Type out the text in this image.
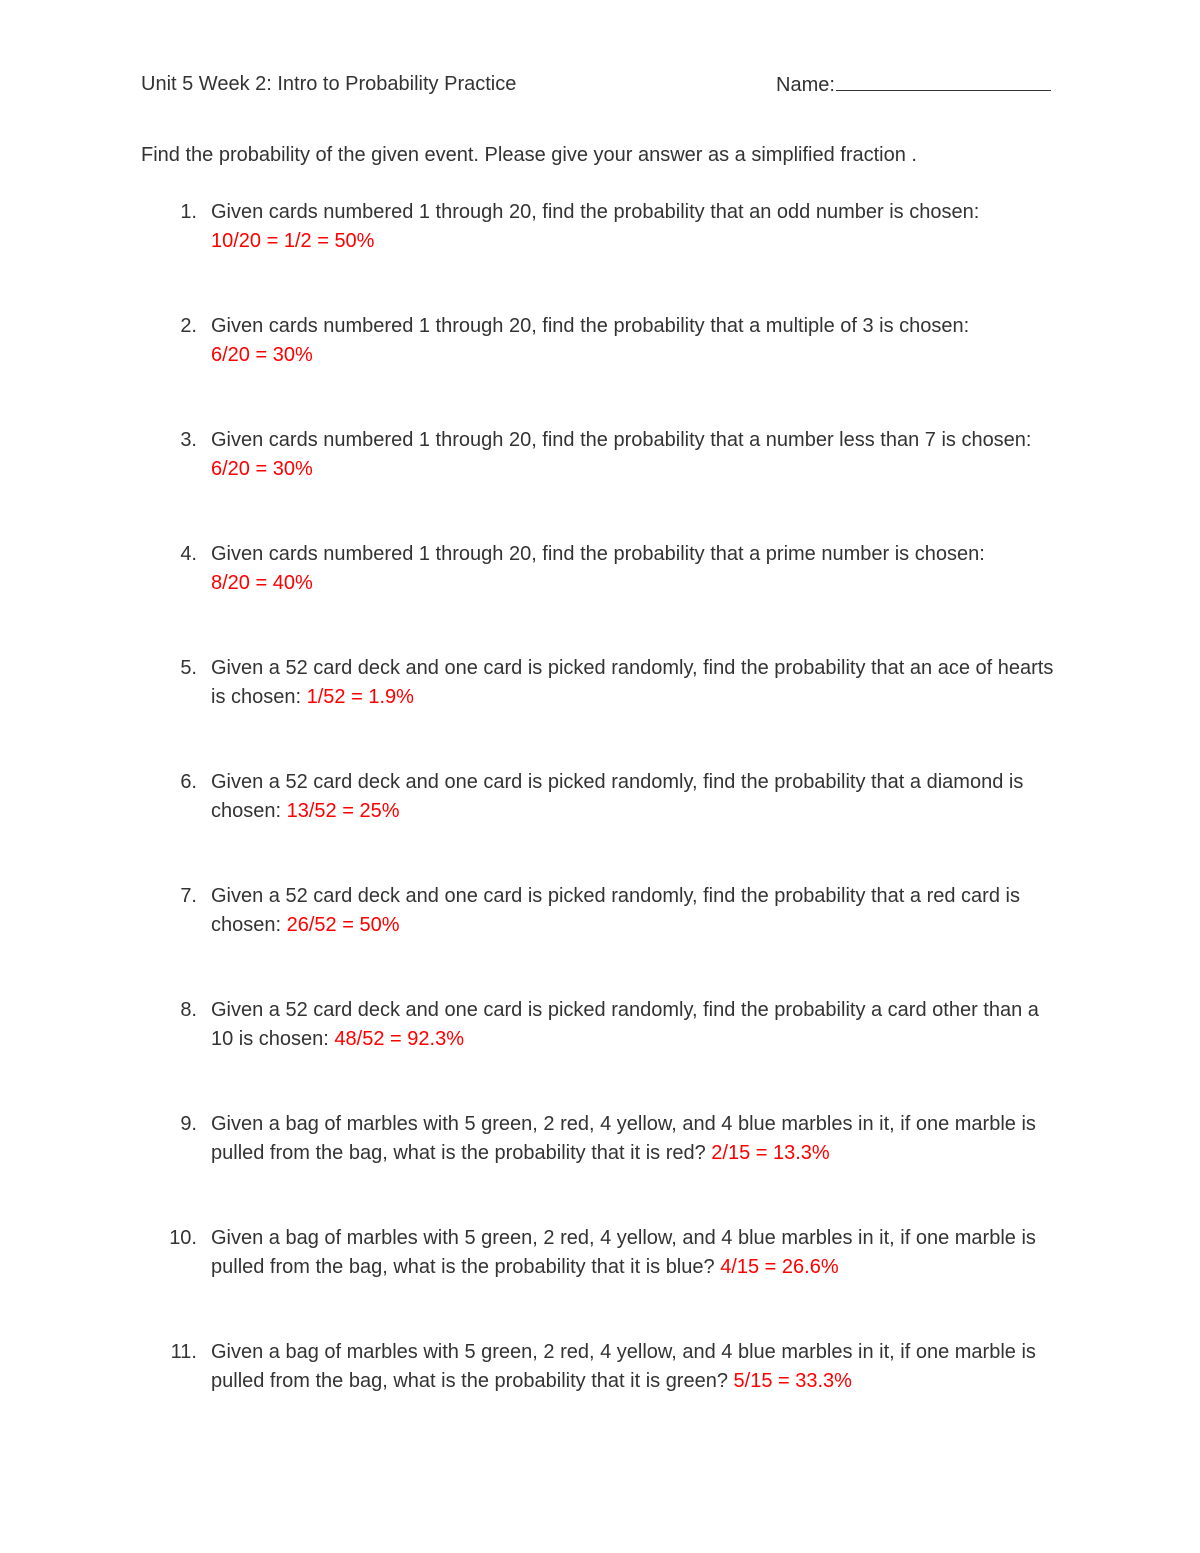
Unit 5 Week 2: Intro to Probability Practice	Name:
Find the probability of the given event. Please give your answer as a simplified fraction .
1. Given cards numbered 1 through 20, find the probability that an odd number is chosen:
10/20 = 1/2 = 50%
2. Given cards numbered 1 through 20, find the probability that a multiple of 3 is chosen:
6/20 = 30%
3. Given cards numbered 1 through 20, find the probability that a number less than 7 is chosen: 6/20 = 30%
4. Given cards numbered 1 through 20, find the probability that a prime number is chosen:
8/20 = 40%
5. Given a 52 card deck and one card is picked randomly, find the probability that an ace of hearts is chosen: 1/52 = 1.9%
6. Given a 52 card deck and one card is picked randomly, find the probability that a diamond is chosen: 13/52 = 25%
7. Given a 52 card deck and one card is picked randomly, find the probability that a red card is chosen: 26/52 = 50%
8. Given a 52 card deck and one card is picked randomly, find the probability a card other than a 10 is chosen: 48/52 = 92.3%
9. Given a bag of marbles with 5 green, 2 red, 4 yellow, and 4 blue marbles in it, if one marble is pulled from the bag, what is the probability that it is red? 2/15 = 13.3%
10. Given a bag of marbles with 5 green, 2 red, 4 yellow, and 4 blue marbles in it, if one marble is pulled from the bag, what is the probability that it is blue? 4/15 = 26.6%
11. Given a bag of marbles with 5 green, 2 red, 4 yellow, and 4 blue marbles in it, if one marble is pulled from the bag, what is the probability that it is green? 5/15 = 33.3%
